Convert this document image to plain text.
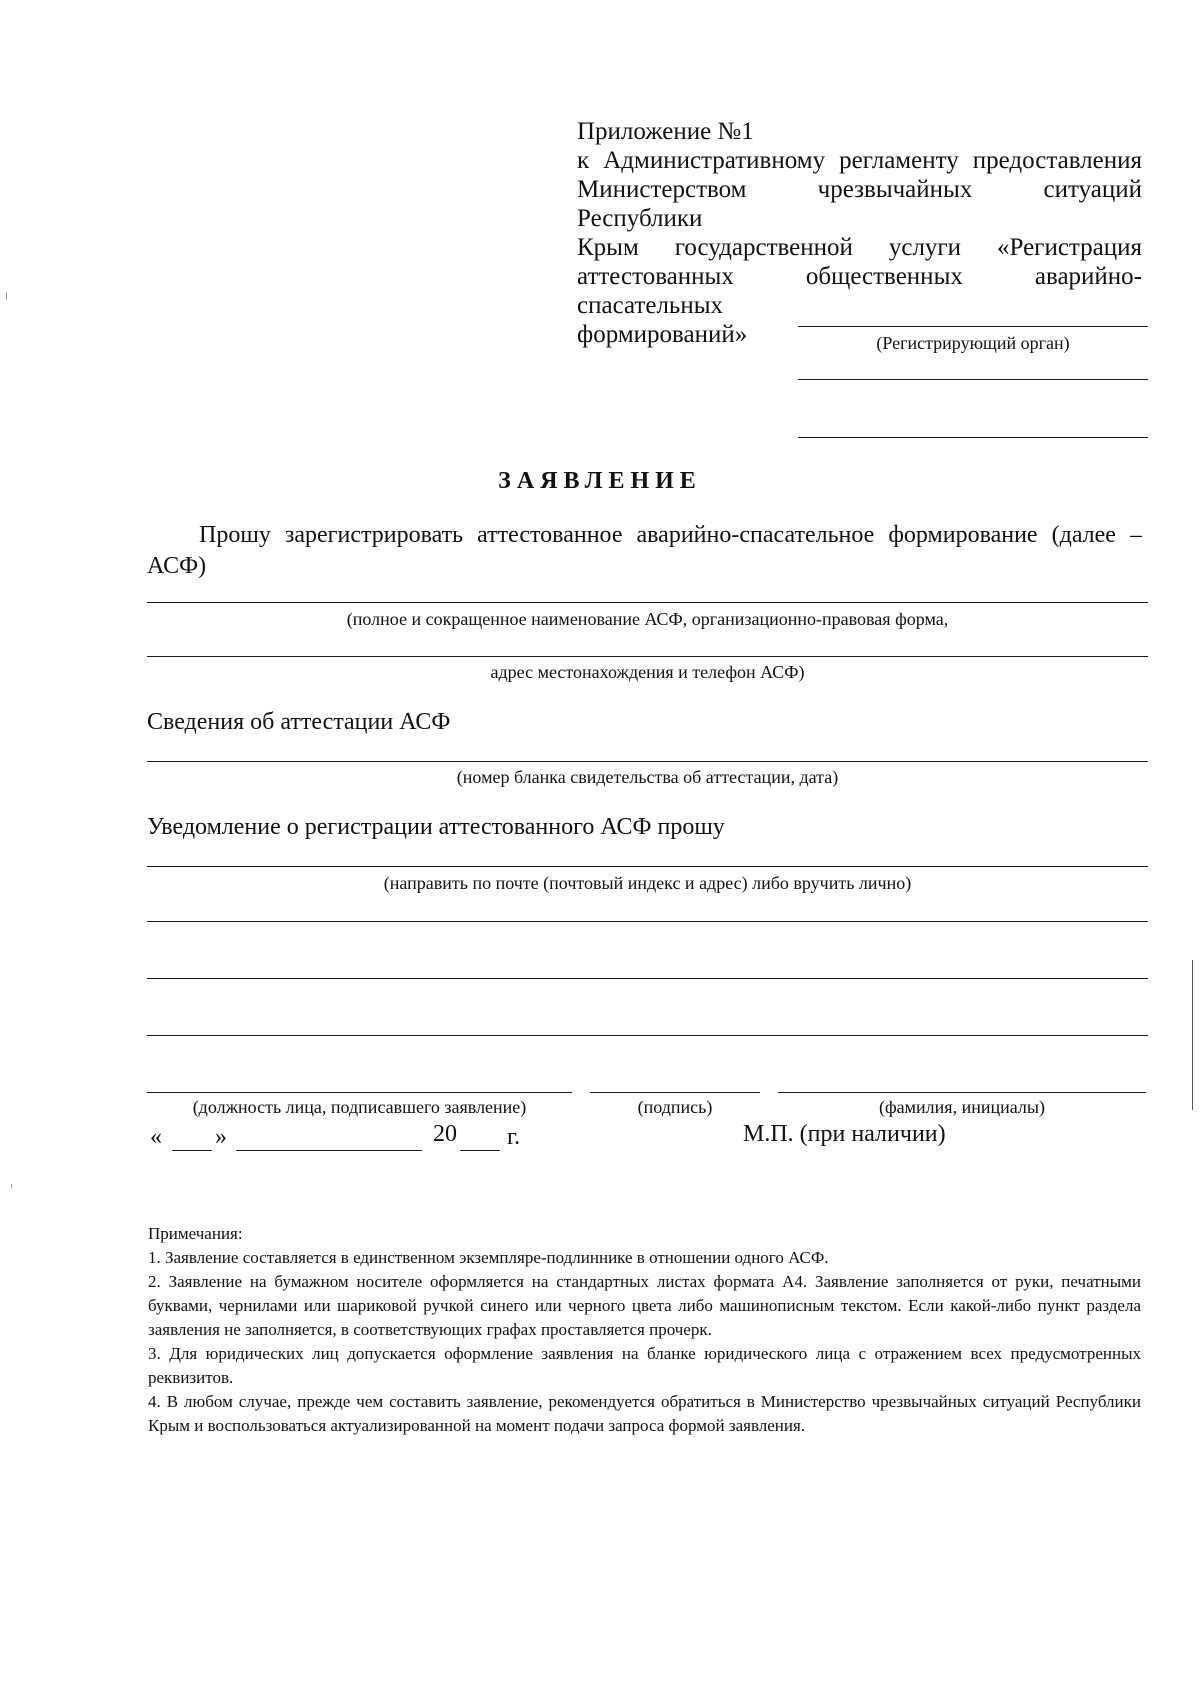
Приложение №1
к Административному регламенту предоставления
Министерством чрезвычайных ситуаций Республики
Крым государственной услуги «Регистрация
аттестованных общественных аварийно-спасательных
формирований»	(Регистрирующий орган)
ЗАЯВЛЕНИЕ
Прошу зарегистрировать аттестованное аварийно-спасательное формирование (далее – АСФ)
(полное и сокращенное наименование АСФ, организационно-правовая форма,
адрес местонахождения и телефон АСФ)
Сведения об аттестации АСФ
(номер бланка свидетельства об аттестации, дата)
Уведомление о регистрации аттестованного АСФ прошу
(направить по почте (почтовый индекс и адрес) либо вручить лично)
(должность лица, подписавшего заявление)	(подпись)	(фамилия, инициалы)
« »	20 г.	М.П. (при наличии)

Примечания:

1. Заявление составляется в единственном экземпляре-подлиннике в отношении одного АСФ.

2. Заявление на бумажном носителе оформляется на стандартных листах формата А4. Заявление заполняется от руки, печатными буквами, чернилами или шариковой ручкой синего или черного цвета либо машинописным текстом. Если какой-либо пункт раздела заявления не заполняется, в соответствующих графах проставляется прочерк.

3. Для юридических лиц допускается оформление заявления на бланке юридического лица с отражением всех предусмотренных реквизитов.

4. В любом случае, прежде чем составить заявление, рекомендуется обратиться в Министерство чрезвычайных ситуаций Республики Крым и воспользоваться актуализированной на момент подачи запроса формой заявления.
